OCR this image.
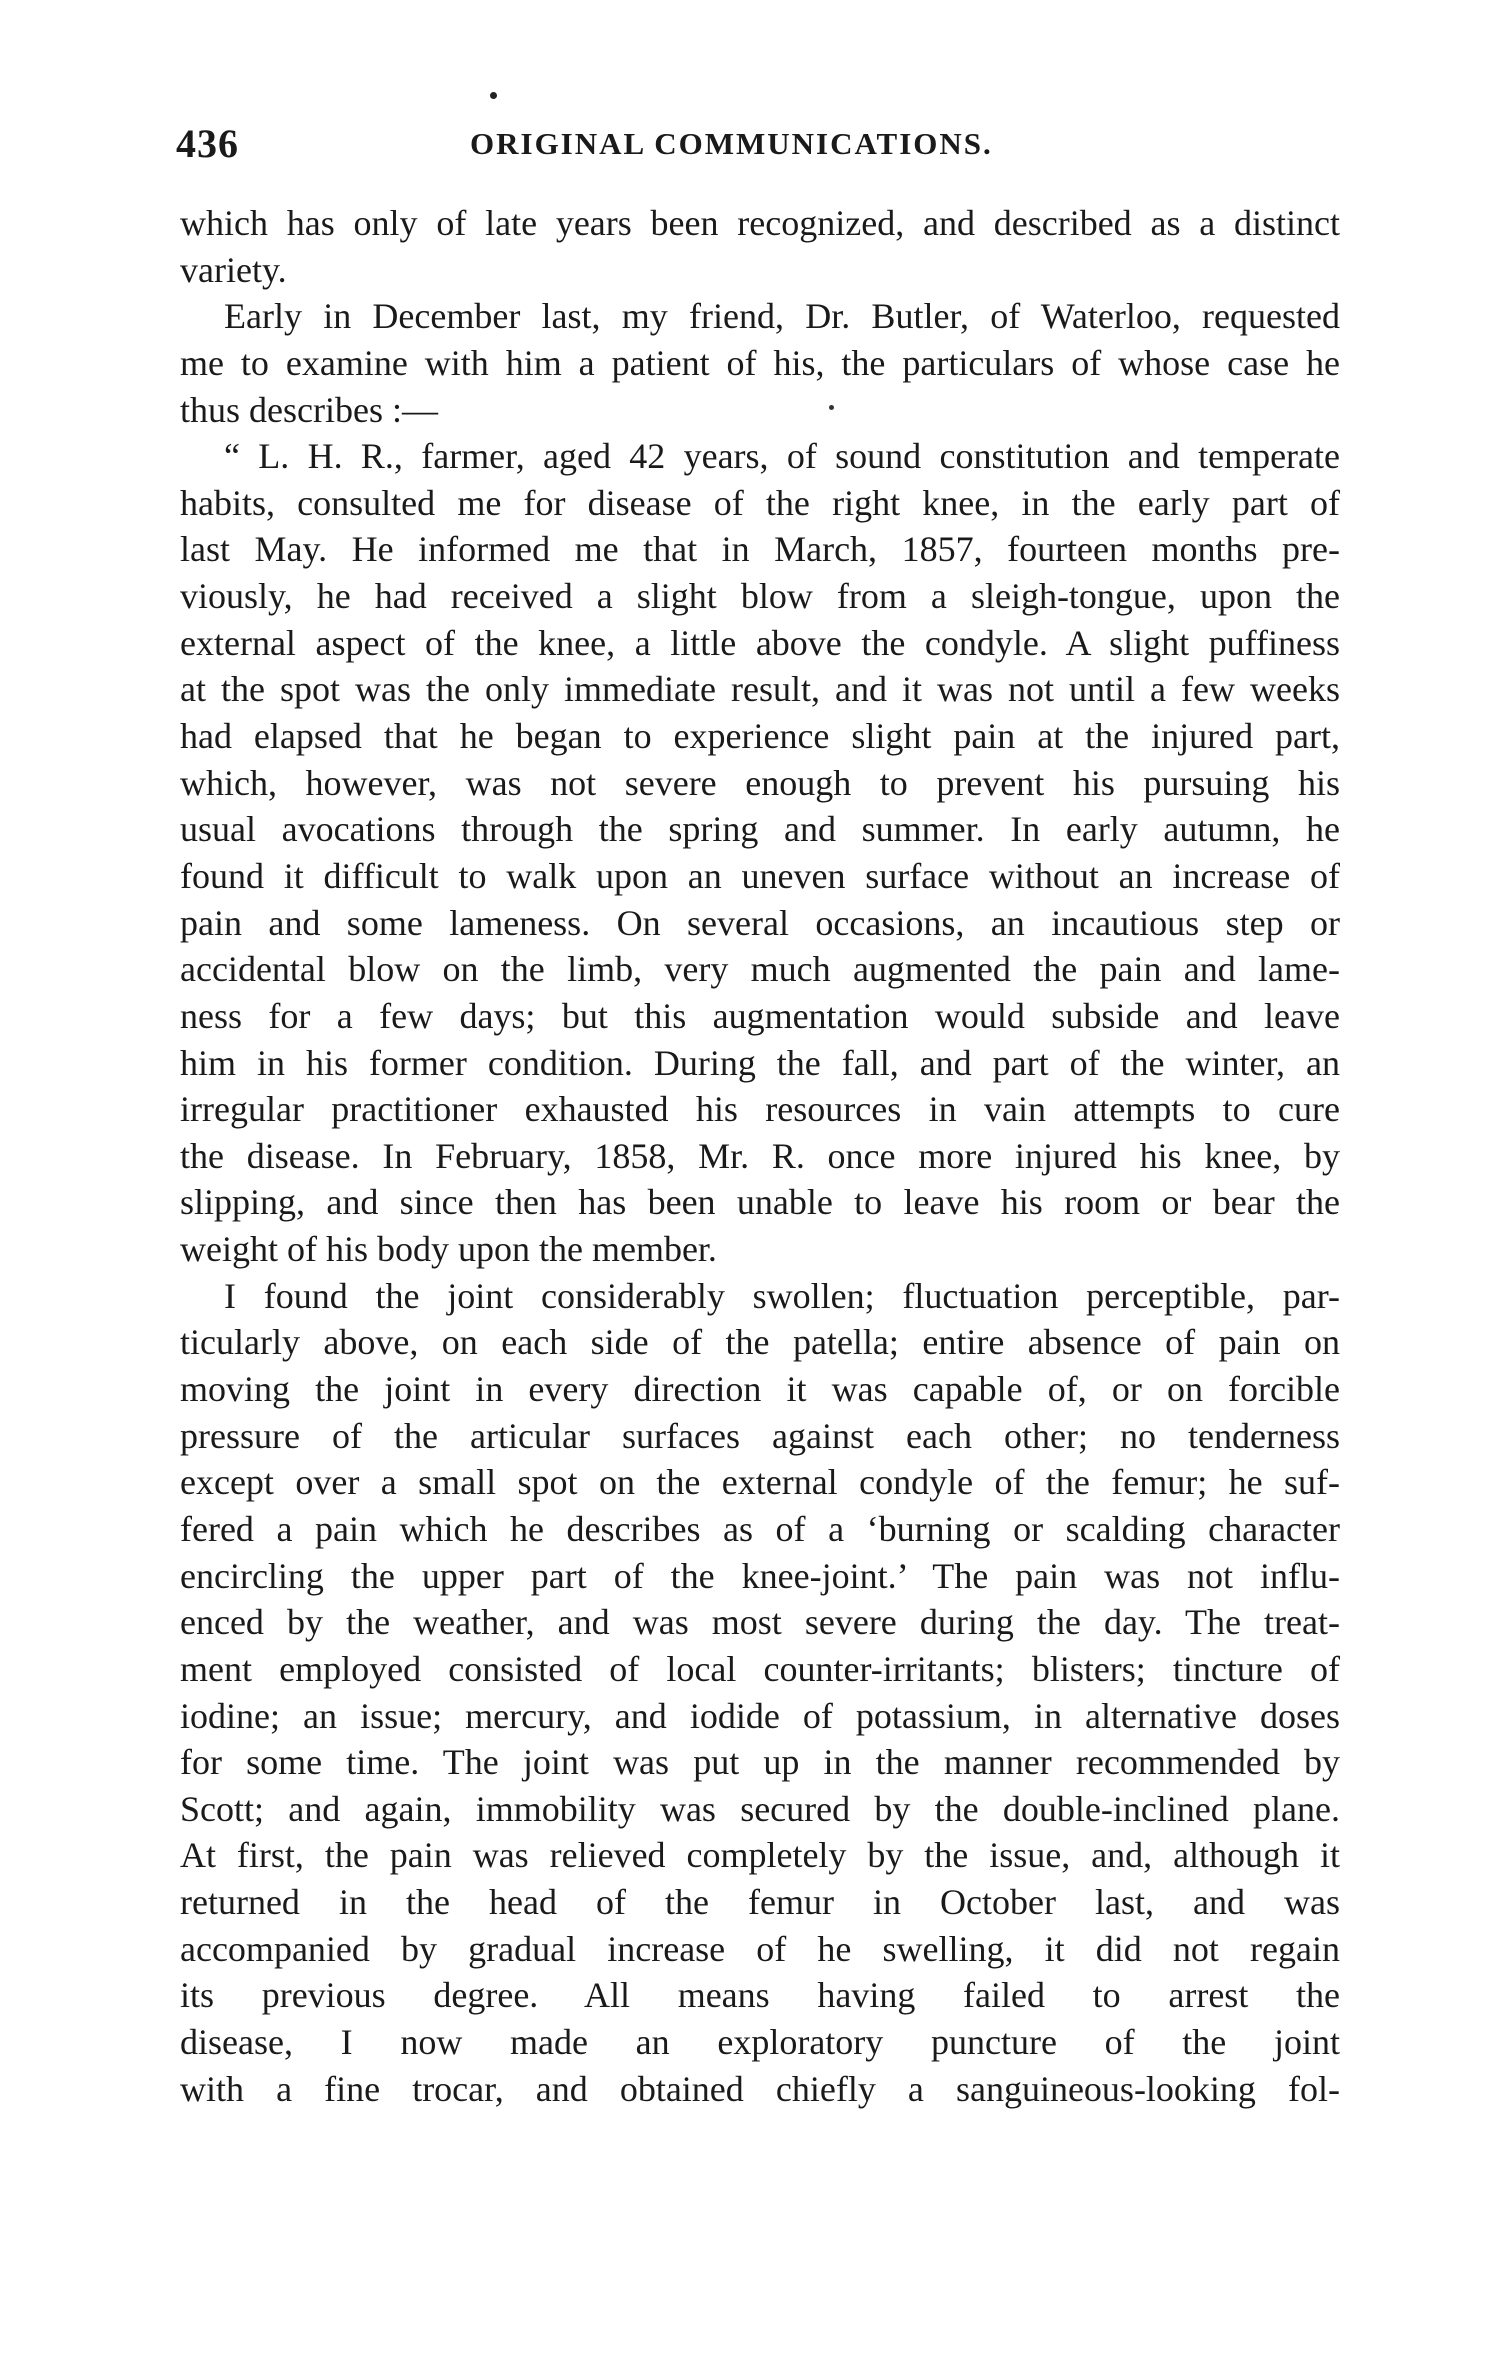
436	ORIGINAL COMMUNICATIONS.
which has only of late years been recognized, and described as a distinct
variety.
Early in December last, my friend, Dr. Butler, of Waterloo, requested
me to examine with him a patient of his, the particulars of whose case he
thus describes :—
“ L. H. R., farmer, aged 42 years, of sound constitution and temperate
habits, consulted me for disease of the right knee, in the early part of
last May. He informed me that in March, 1857, fourteen months pre-
viously, he had received a slight blow from a sleigh-tongue, upon the
external aspect of the knee, a little above the condyle. A slight puffiness
at the spot was the only immediate result, and it was not until a few weeks
had elapsed that he began to experience slight pain at the injured part,
which, however, was not severe enough to prevent his pursuing his
usual avocations through the spring and summer. In early autumn, he
found it difficult to walk upon an uneven surface without an increase of
pain and some lameness. On several occasions, an incautious step or
accidental blow on the limb, very much augmented the pain and lame-
ness for a few days; but this augmentation would subside and leave
him in his former condition. During the fall, and part of the winter, an
irregular practitioner exhausted his resources in vain attempts to cure
the disease. In February, 1858, Mr. R. once more injured his knee, by
slipping, and since then has been unable to leave his room or bear the
weight of his body upon the member.
I found the joint considerably swollen; fluctuation perceptible, par-
ticularly above, on each side of the patella; entire absence of pain on
moving the joint in every direction it was capable of, or on forcible
pressure of the articular surfaces against each other; no tenderness
except over a small spot on the external condyle of the femur; he suf-
fered a pain which he describes as of a ‘burning or scalding character
encircling the upper part of the knee-joint.’ The pain was not influ-
enced by the weather, and was most severe during the day. The treat-
ment employed consisted of local counter-irritants; blisters; tincture of
iodine; an issue; mercury, and iodide of potassium, in alternative doses
for some time. The joint was put up in the manner recommended by
Scott; and again, immobility was secured by the double-inclined plane.
At first, the pain was relieved completely by the issue, and, although it
returned in the head of the femur in October last, and was
accompanied by gradual increase of he swelling, it did not regain
its previous degree. All means having failed to arrest the
disease, I now made an exploratory puncture of the joint
with a fine trocar, and obtained chiefly a sanguineous-looking fol-
